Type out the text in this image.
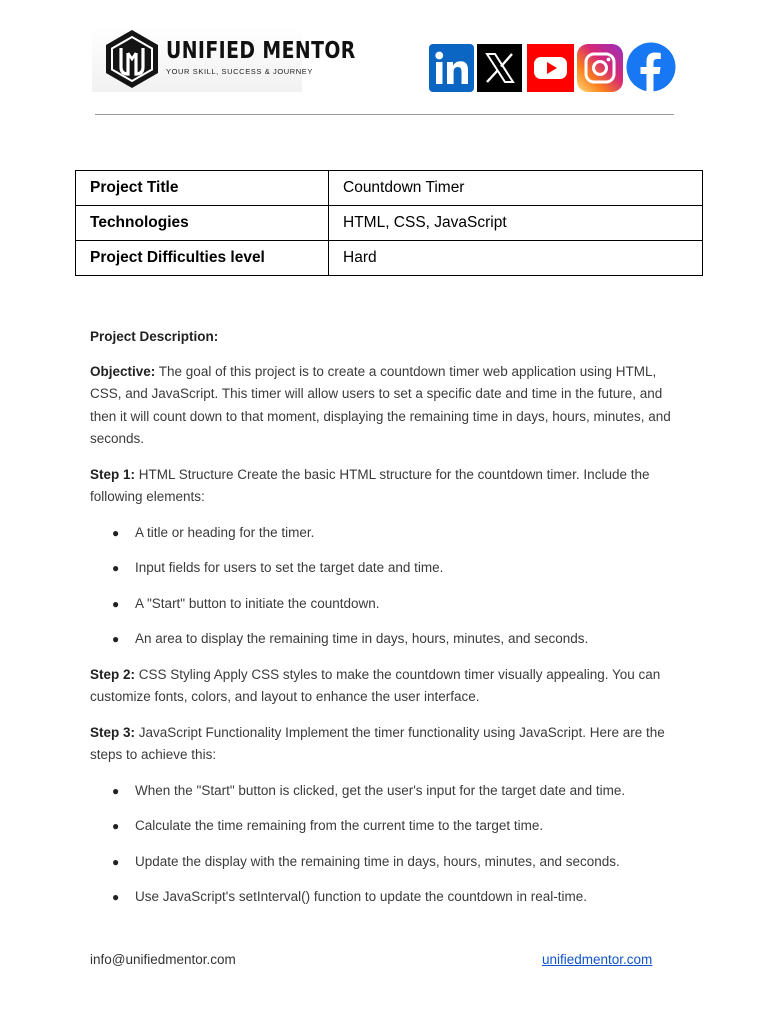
UNIFIED MENTOR
YOUR SKILL, SUCCESS & JOURNEY
Project Title	Countdown Timer
Technologies	HTML, CSS, JavaScript
Project Difficulties level	Hard

Project Description:

Objective: The goal of this project is to create a countdown timer web application using HTML, CSS, and JavaScript. This timer will allow users to set a specific date and time in the future, and then it will count down to that moment, displaying the remaining time in days, hours, minutes, and seconds.

Step 1: HTML Structure Create the basic HTML structure for the countdown timer. Include the following elements:

● A title or heading for the timer.
● Input fields for users to set the target date and time.
● A "Start" button to initiate the countdown.
● An area to display the remaining time in days, hours, minutes, and seconds.

Step 2: CSS Styling Apply CSS styles to make the countdown timer visually appealing. You can customize fonts, colors, and layout to enhance the user interface.

Step 3: JavaScript Functionality Implement the timer functionality using JavaScript. Here are the steps to achieve this:

● When the "Start" button is clicked, get the user's input for the target date and time.
● Calculate the time remaining from the current time to the target time.
● Update the display with the remaining time in days, hours, minutes, and seconds.
● Use JavaScript's setInterval() function to update the countdown in real-time.
info@unifiedmentor.com	unifiedmentor.com
